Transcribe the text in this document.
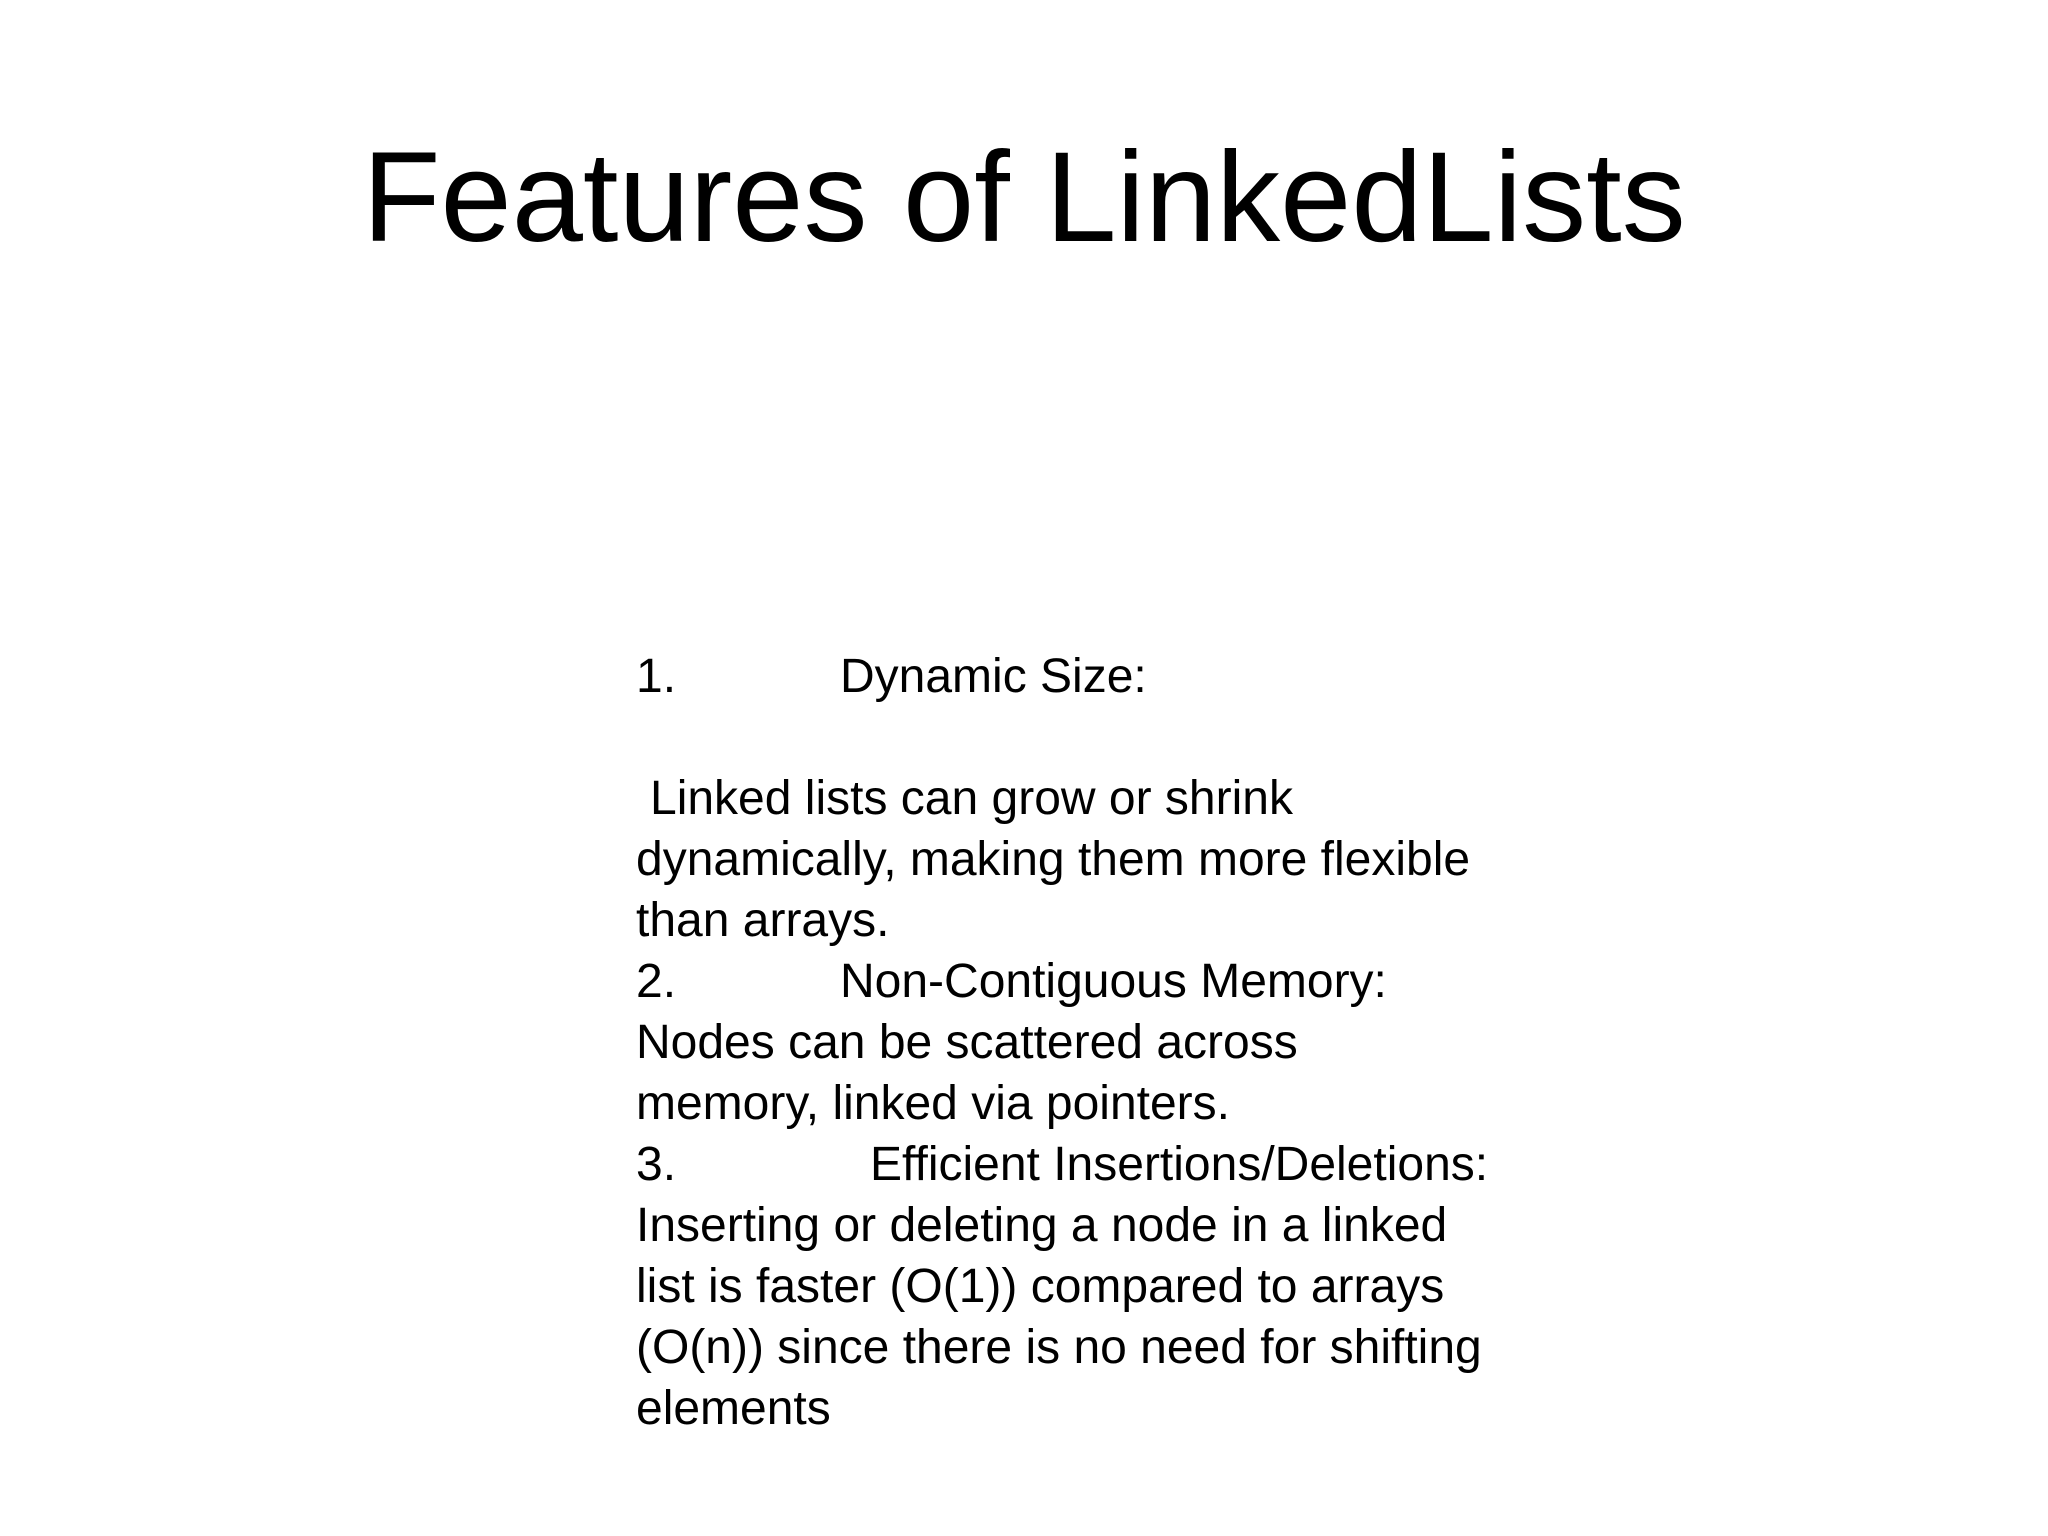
Features of LinkedLists
1.	Dynamic Size:
Linked lists can grow or shrink
dynamically, making them more flexible
than arrays.
2.	Non-Contiguous Memory:
Nodes can be scattered across
memory, linked via pointers.
3.	Efficient Insertions/Deletions:
Inserting or deleting a node in a linked
list is faster (O(1)) compared to arrays
(O(n)) since there is no need for shifting
elements
